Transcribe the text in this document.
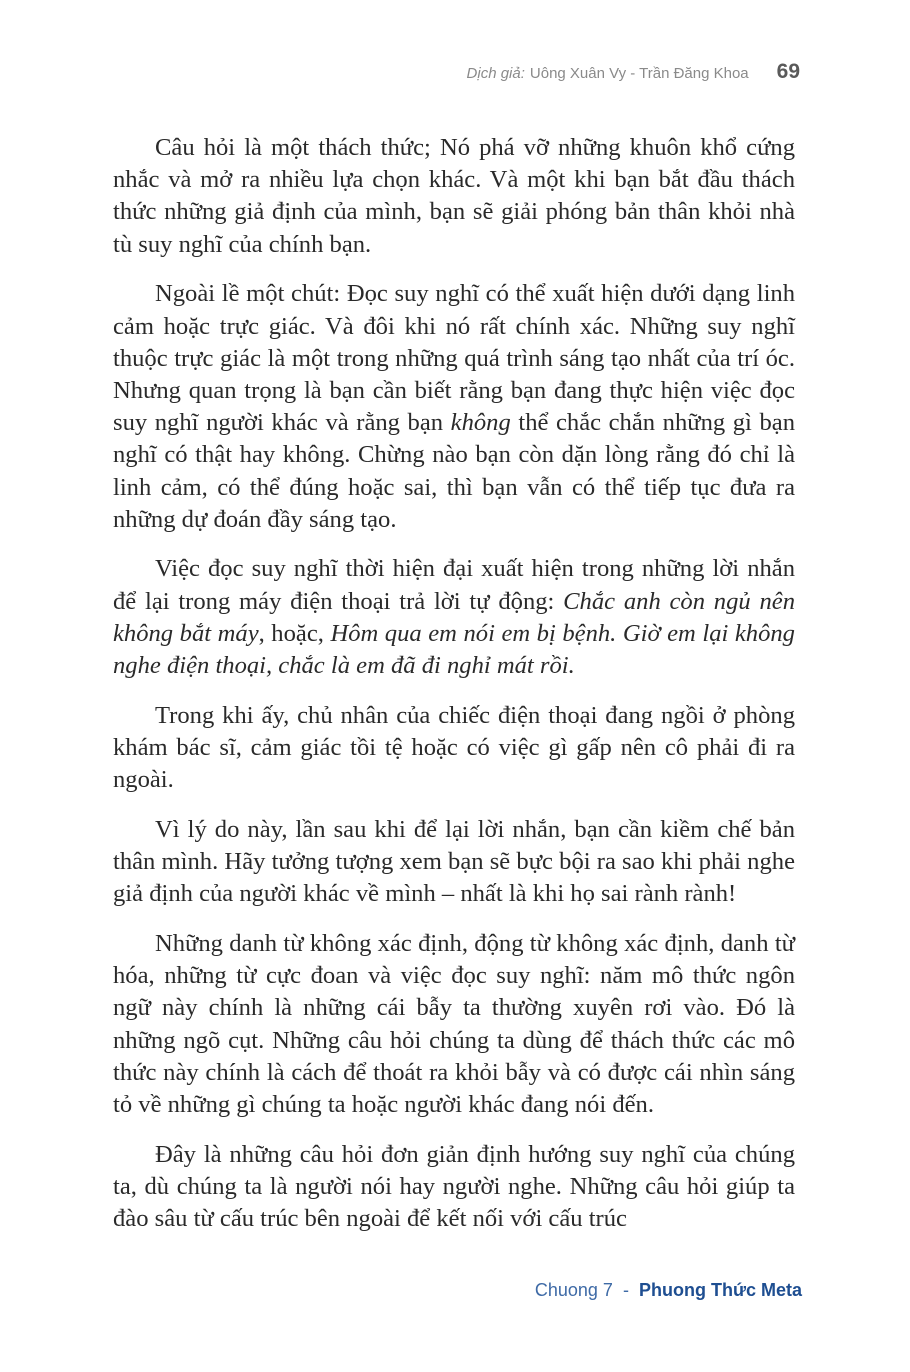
Dịch giả: Uông Xuân Vy - Trần Đăng Khoa 69

Câu hỏi là một thách thức; Nó phá vỡ những khuôn khổ cứng nhắc và mở ra nhiều lựa chọn khác. Và một khi bạn bắt đầu thách thức những giả định của mình, bạn sẽ giải phóng bản thân khỏi nhà tù suy nghĩ của chính bạn.

Ngoài lề một chút: Đọc suy nghĩ có thể xuất hiện dưới dạng linh cảm hoặc trực giác. Và đôi khi nó rất chính xác. Những suy nghĩ thuộc trực giác là một trong những quá trình sáng tạo nhất của trí óc. Nhưng quan trọng là bạn cần biết rằng bạn đang thực hiện việc đọc suy nghĩ người khác và rằng bạn không thể chắc chắn những gì bạn nghĩ có thật hay không. Chừng nào bạn còn dặn lòng rằng đó chỉ là linh cảm, có thể đúng hoặc sai, thì bạn vẫn có thể tiếp tục đưa ra những dự đoán đầy sáng tạo.

Việc đọc suy nghĩ thời hiện đại xuất hiện trong những lời nhắn để lại trong máy điện thoại trả lời tự động: Chắc anh còn ngủ nên không bắt máy, hoặc, Hôm qua em nói em bị bệnh. Giờ em lại không nghe điện thoại, chắc là em đã đi nghỉ mát rồi.

Trong khi ấy, chủ nhân của chiếc điện thoại đang ngồi ở phòng khám bác sĩ, cảm giác tồi tệ hoặc có việc gì gấp nên cô phải đi ra ngoài.

Vì lý do này, lần sau khi để lại lời nhắn, bạn cần kiềm chế bản thân mình. Hãy tưởng tượng xem bạn sẽ bực bội ra sao khi phải nghe giả định của người khác về mình – nhất là khi họ sai rành rành!

Những danh từ không xác định, động từ không xác định, danh từ hóa, những từ cực đoan và việc đọc suy nghĩ: năm mô thức ngôn ngữ này chính là những cái bẫy ta thường xuyên rơi vào. Đó là những ngõ cụt. Những câu hỏi chúng ta dùng để thách thức các mô thức này chính là cách để thoát ra khỏi bẫy và có được cái nhìn sáng tỏ về những gì chúng ta hoặc người khác đang nói đến.

Đây là những câu hỏi đơn giản định hướng suy nghĩ của chúng ta, dù chúng ta là người nói hay người nghe. Những câu hỏi giúp ta đào sâu từ cấu trúc bên ngoài để kết nối với cấu trúc

Chuong 7 - Phuong Thức Meta
